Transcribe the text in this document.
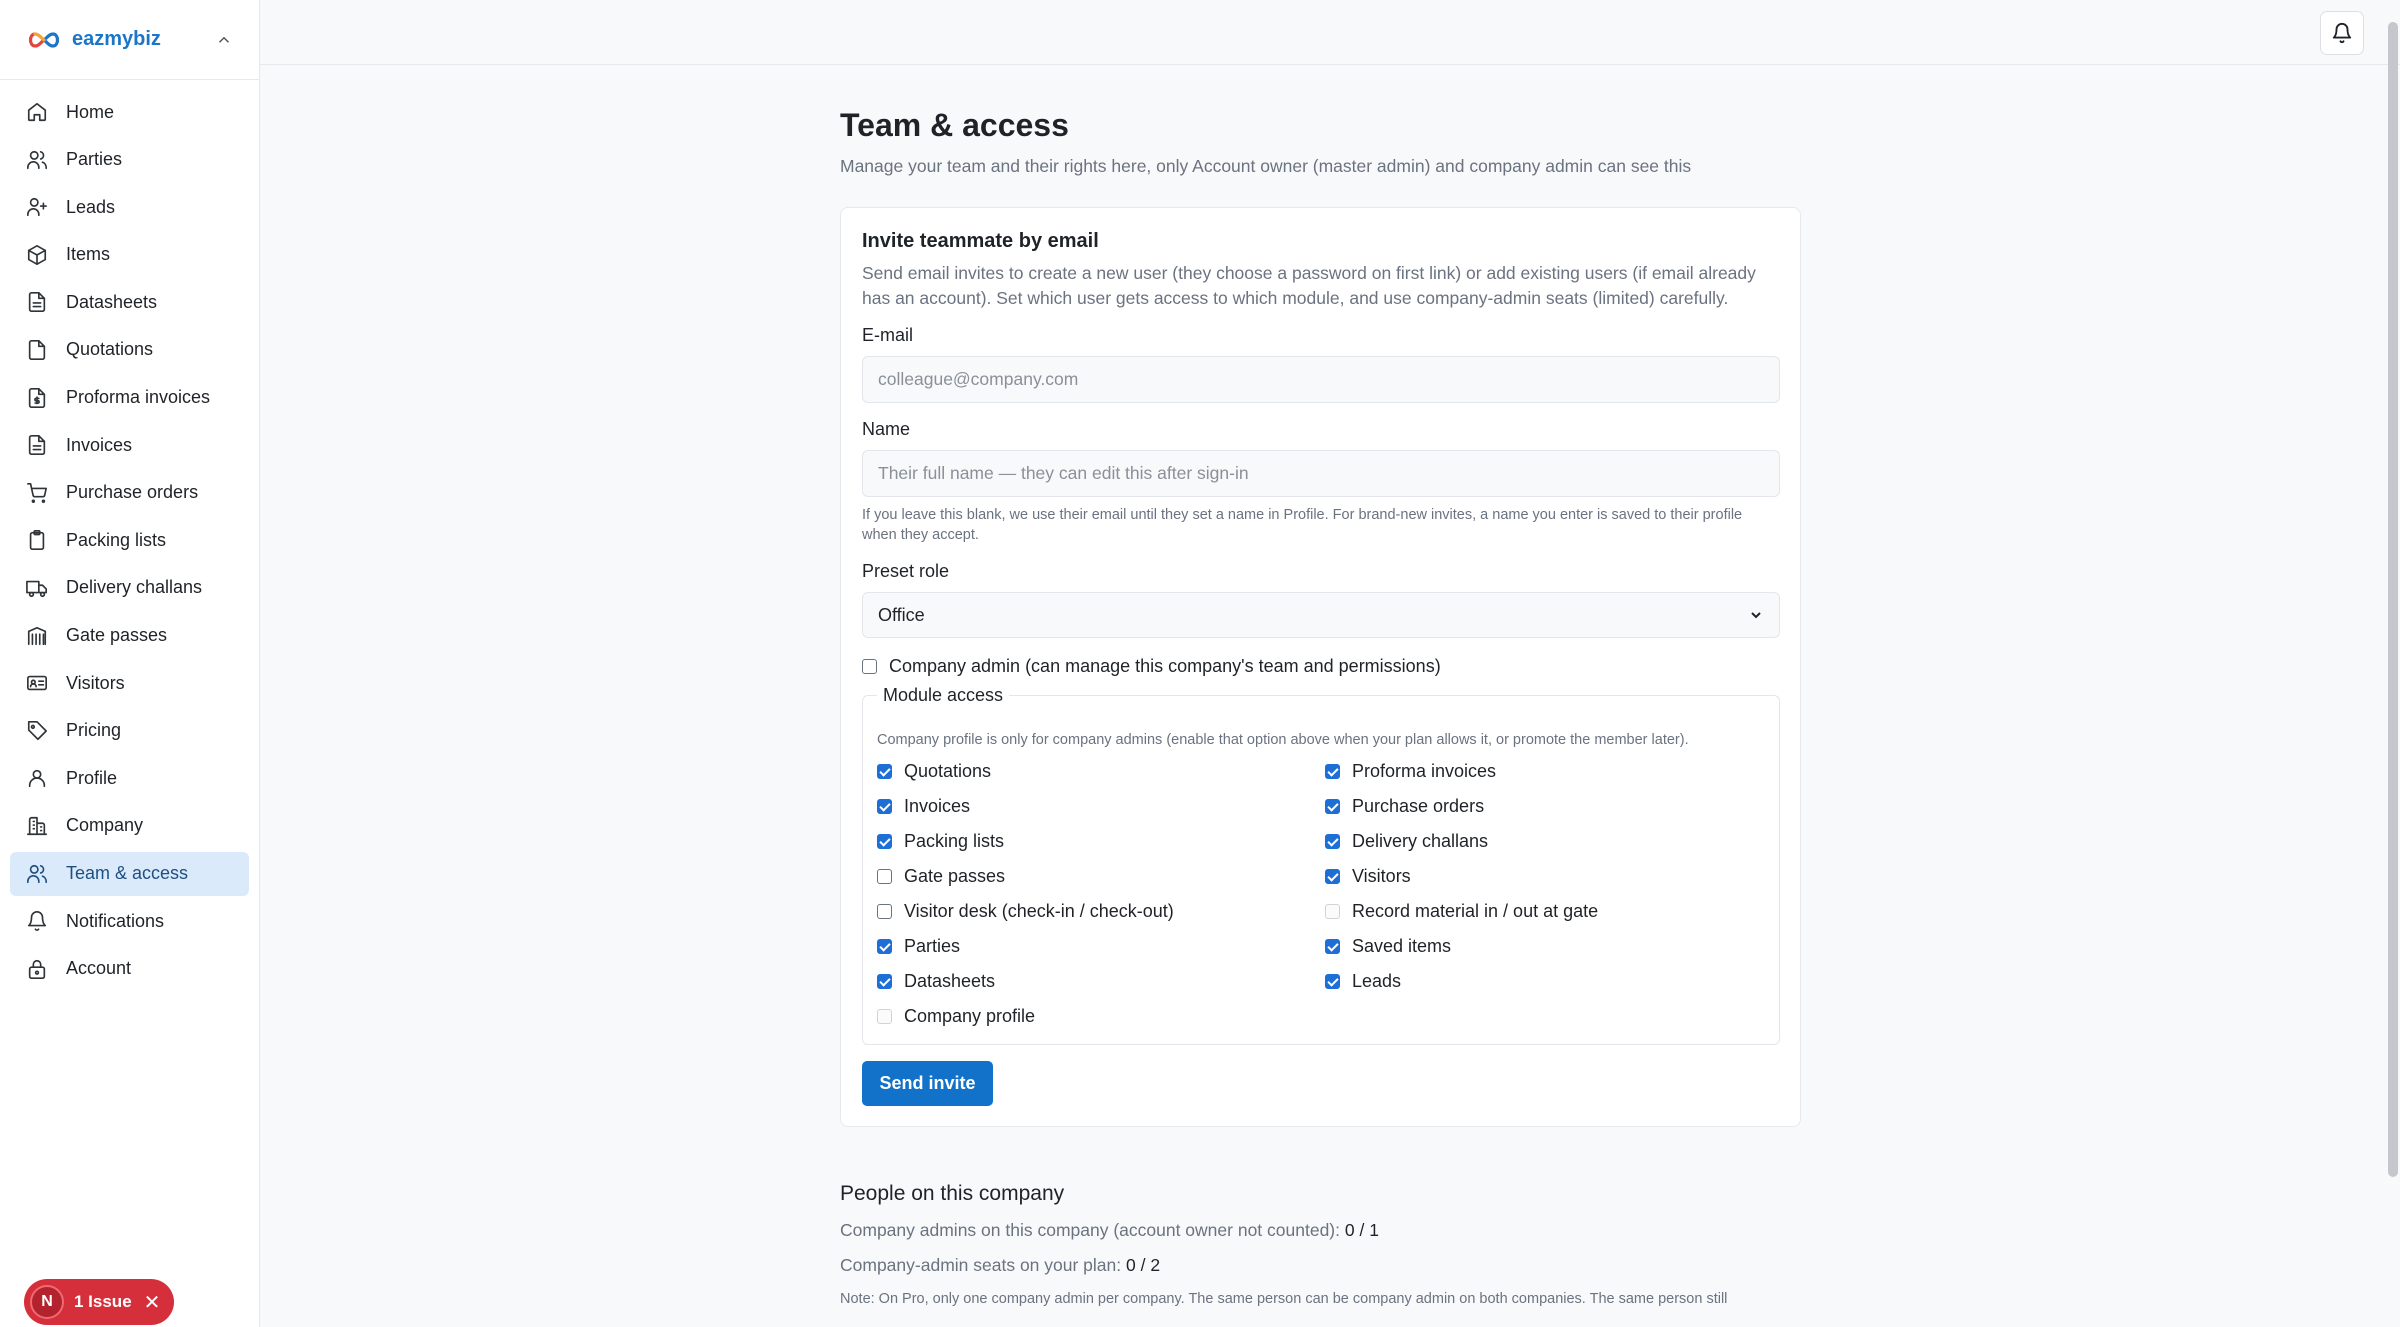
eazmybiz
Home
Parties
Leads
Items
Datasheets
Quotations
Proforma invoices
Invoices
Purchase orders
Packing lists
Delivery challans
Gate passes
Visitors
Pricing
Profile
Company
Team & access
Notifications
Account
Team & access

Manage your team and their rights here, only Account owner (master admin) and company admin can see this

Invite teammate by email

Send email invites to create a new user (they choose a password on first link) or add existing users (if email already has an account). Set which user gets access to which module, and use company-admin seats (limited) carefully.

E-mail
colleague@company.com
Name
Their full name — they can edit this after sign-in

If you leave this blank, we use their email until they set a name in Profile. For brand-new invites, a name you enter is saved to their profile when they accept.

Preset role
Office
Company admin (can manage this company's team and permissions)
Module access

Company profile is only for company admins (enable that option above when your plan allows it, or promote the member later).

Quotations	Proforma invoices
Invoices	Purchase orders
Packing lists	Delivery challans
Gate passes	Visitors
Visitor desk (check-in / check-out)	Record material in / out at gate
Parties	Saved items
Datasheets	Leads
Company profile
Send invite
People on this company

Company admins on this company (account owner not counted): 0 / 1

Company-admin seats on your plan: 0 / 2

Note: On Pro, only one company admin per company. The same person can be company admin on both companies. The same person still

N	1 Issue ✕
